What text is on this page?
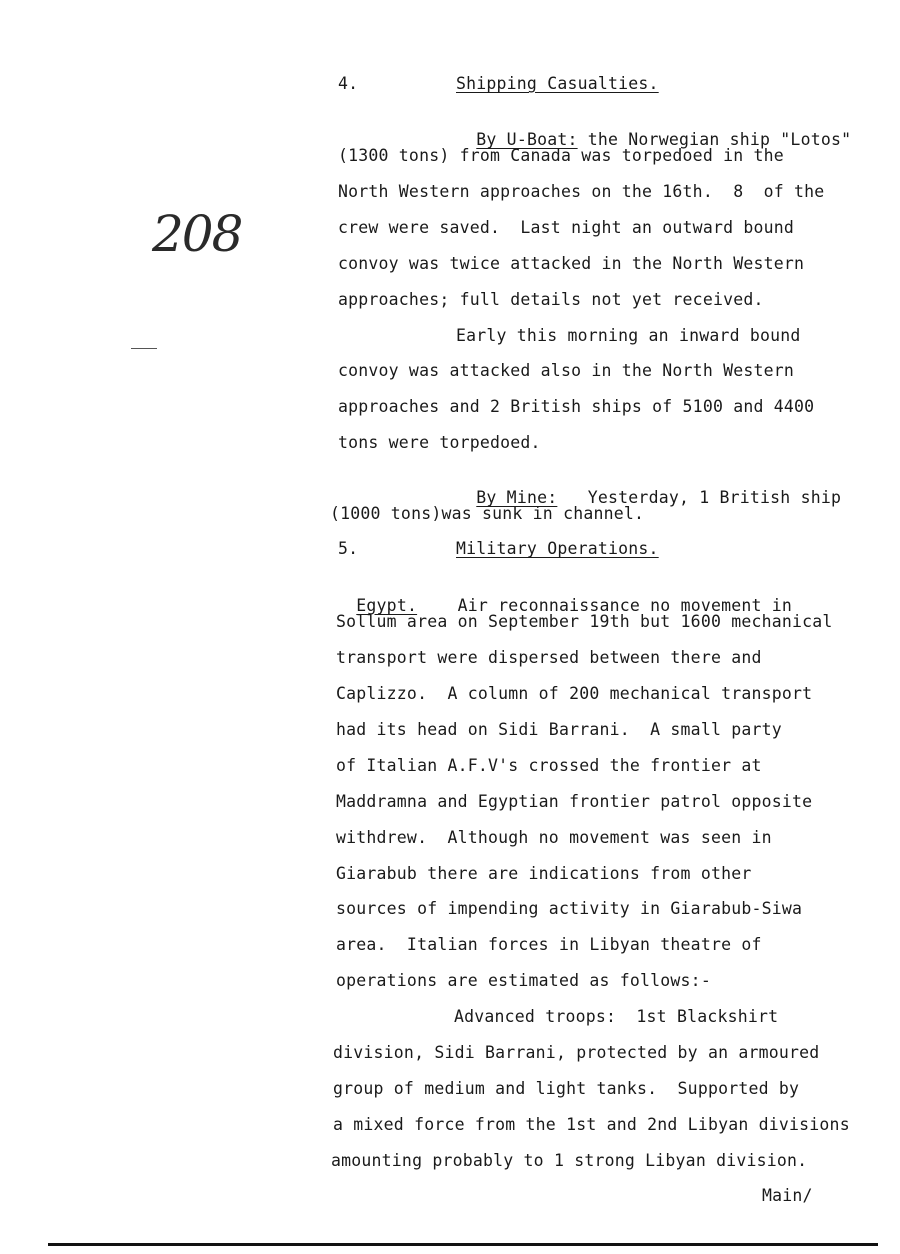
208
4.	Shipping Casualties.

By U-Boat: the Norwegian ship "Lotos"

(1300 tons) from Canada was torpedoed in the
North Western approaches on the 16th.  8  of the
crew were saved.  Last night an outward bound
convoy was twice attacked in the North Western
approaches; full details not yet received.
Early this morning an inward bound
convoy was attacked also in the North Western
approaches and 2 British ships of 5100 and 4400
tons were torpedoed.

By Mine:   Yesterday, 1 British ship

(1000 tons)was sunk in channel.
5.	Military Operations.

Egypt.    Air reconnaissance no movement in

Sollum area on September 19th but 1600 mechanical
transport were dispersed between there and
Caplizzo.  A column of 200 mechanical transport
had its head on Sidi Barrani.  A small party
of Italian A.F.V's crossed the frontier at
Maddramna and Egyptian frontier patrol opposite
withdrew.  Although no movement was seen in
Giarabub there are indications from other
sources of impending activity in Giarabub-Siwa
area.  Italian forces in Libyan theatre of
operations are estimated as follows:-
Advanced troops:  1st Blackshirt
division, Sidi Barrani, protected by an armoured
group of medium and light tanks.  Supported by
a mixed force from the 1st and 2nd Libyan divisions
amounting probably to 1 strong Libyan division.
Main/
